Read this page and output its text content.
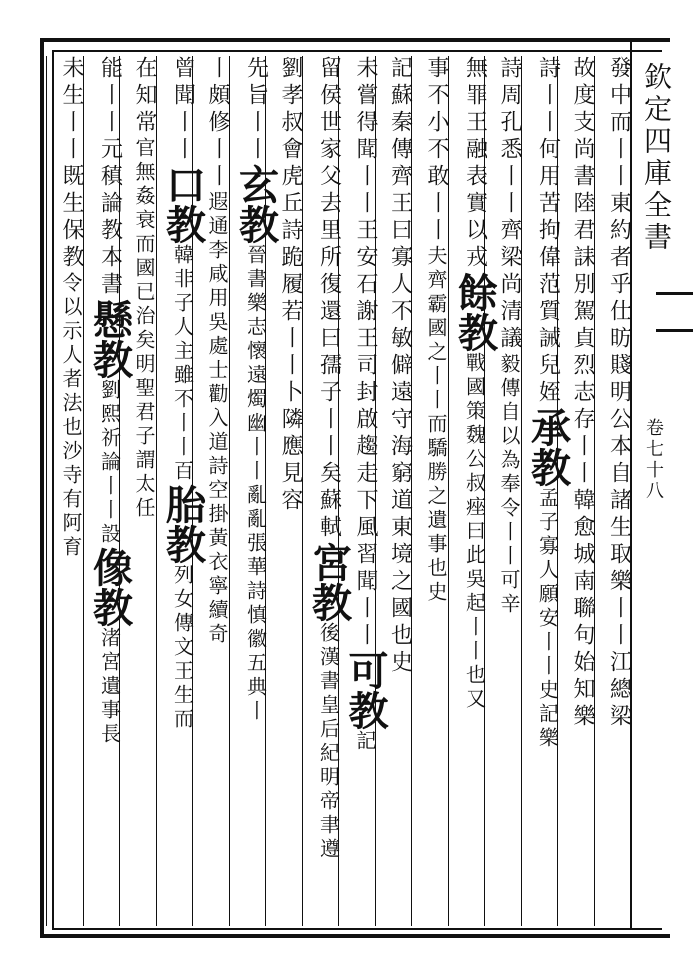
欽定四庫全書
卷七十八
發中而丨丨東約者乎仕昉賤明公本自諸生取樂丨丨江總梁
故度支尚書陸君誄別駕貞烈志存丨丨韓愈城南聯句始知樂
詩丨丨何用苦拘偉范質誡兒姪承教孟子寡人願安丨丨史記樂
詩周孔悉丨丨齊梁尚清議毅傳自以為奉令丨丨可辛
無罪王融表實以戎餘教戰國策魏公叔痤曰此吳起丨丨也又
事不小不敢丨丨夫齊霸國之丨丨而驕勝之遺事也史
記蘇秦傳齊王曰寡人不敏僻遠守海窮道東境之國也史
未嘗得聞丨丨王安石謝王司封啟趨走下風習聞丨丨可教記
留侯世家父去里所復還曰孺子丨丨矣蘇軾宮教後漢書皇后紀明帝聿遵
劉孝叔會虎丘詩跪履若丨丨卜隣應見容
先旨丨丨玄教晉書樂志懷遠燭幽丨丨亂亂張華詩慎徽五典丨
丨頗修丨丨遐通李咸用吳處士勸入道詩空掛黃衣寧續奇
曾聞丨丨口教韓非子人主雖不丨丨百胎教列女傳文王生而
在知常官無姦衰而國已治矣明聖君子謂太任
能丨丨元稹論教本書懸教劉熙祈論丨丨設像教渚宮遺事長
未生丨丨既生保教令以示人者法也沙寺有阿育
